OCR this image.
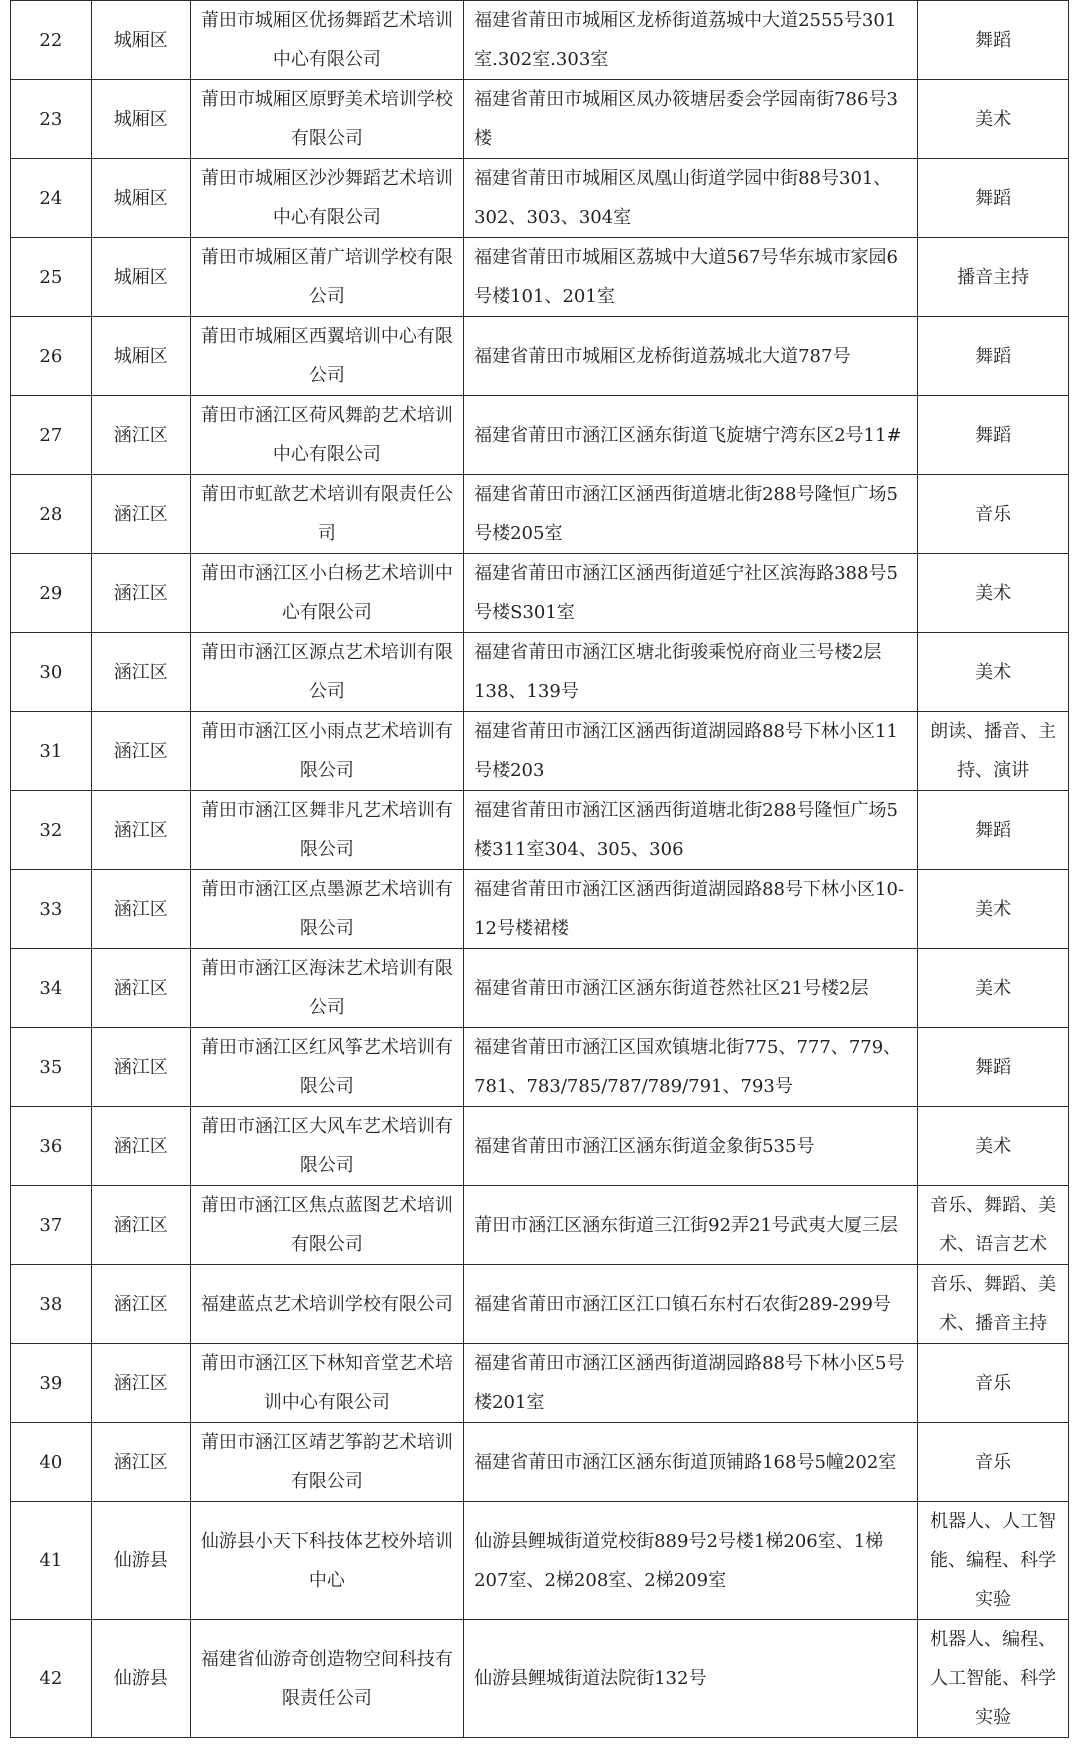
22	城厢区	莆田市城厢区优扬舞蹈艺术培训中心有限公司	福建省莆田市城厢区龙桥街道荔城中大道2555号301室.302室.303室	舞蹈
23	城厢区	莆田市城厢区原野美术培训学校有限公司	福建省莆田市城厢区凤办筱塘居委会学园南街786号3楼	美术
24	城厢区	莆田市城厢区沙沙舞蹈艺术培训中心有限公司	福建省莆田市城厢区凤凰山街道学园中街88号301、302、303、304室	舞蹈
25	城厢区	莆田市城厢区莆广培训学校有限公司	福建省莆田市城厢区荔城中大道567号华东城市家园6号楼101、201室	播音主持
26	城厢区	莆田市城厢区西翼培训中心有限公司	福建省莆田市城厢区龙桥街道荔城北大道787号	舞蹈
27	涵江区	莆田市涵江区荷风舞韵艺术培训中心有限公司	福建省莆田市涵江区涵东街道飞旋塘宁湾东区2号11#	舞蹈
28	涵江区	莆田市虹歆艺术培训有限责任公司	福建省莆田市涵江区涵西街道塘北街288号隆恒广场5号楼205室	音乐
29	涵江区	莆田市涵江区小白杨艺术培训中心有限公司	福建省莆田市涵江区涵西街道延宁社区滨海路388号5号楼S301室	美术
30	涵江区	莆田市涵江区源点艺术培训有限公司	福建省莆田市涵江区塘北街骏乘悦府商业三号楼2层138、139号	美术
31	涵江区	莆田市涵江区小雨点艺术培训有限公司	福建省莆田市涵江区涵西街道湖园路88号下林小区11号楼203	朗读、播音、主持、演讲
32	涵江区	莆田市涵江区舞非凡艺术培训有限公司	福建省莆田市涵江区涵西街道塘北街288号隆恒广场5楼311室304、305、306	舞蹈
33	涵江区	莆田市涵江区点墨源艺术培训有限公司	福建省莆田市涵江区涵西街道湖园路88号下林小区10-12号楼裙楼	美术
34	涵江区	莆田市涵江区海沫艺术培训有限公司	福建省莆田市涵江区涵东街道苍然社区21号楼2层	美术
35	涵江区	莆田市涵江区红风筝艺术培训有限公司	福建省莆田市涵江区国欢镇塘北街775、777、779、781、783/785/787/789/791、793号	舞蹈
36	涵江区	莆田市涵江区大风车艺术培训有限公司	福建省莆田市涵江区涵东街道金象街535号	美术
37	涵江区	莆田市涵江区焦点蓝图艺术培训有限公司	莆田市涵江区涵东街道三江街92弄21号武夷大厦三层	音乐、舞蹈、美术、语言艺术
38	涵江区	福建蓝点艺术培训学校有限公司	福建省莆田市涵江区江口镇石东村石农街289-299号	音乐、舞蹈、美术、播音主持
39	涵江区	莆田市涵江区下林知音堂艺术培训中心有限公司	福建省莆田市涵江区涵西街道湖园路88号下林小区5号楼201室	音乐
40	涵江区	莆田市涵江区靖艺筝韵艺术培训有限公司	福建省莆田市涵江区涵东街道顶铺路168号5幢202室	音乐
41	仙游县	仙游县小天下科技体艺校外培训中心	仙游县鲤城街道党校街889号2号楼1梯206室、1梯207室、2梯208室、2梯209室	机器人、人工智能、编程、科学实验
42	仙游县	福建省仙游奇创造物空间科技有限责任公司	仙游县鲤城街道法院街132号	机器人、编程、人工智能、科学实验
